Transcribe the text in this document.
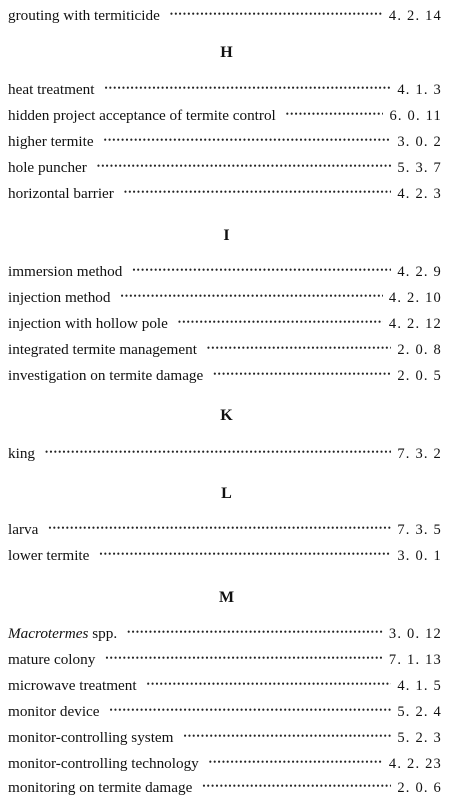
grouting with termiticide •••••	4. 2. 14
H
heat treatment •••••	4. 1. 3
hidden project acceptance of termite control •••••	6. 0. 11
higher termite •••••	3. 0. 2
hole puncher •••••	5. 3. 7
horizontal barrier •••••	4. 2. 3
I
immersion method •••••	4. 2. 9
injection method •••••	4. 2. 10
injection with hollow pole •••••	4. 2. 12
integrated termite management •••••	2. 0. 8
investigation on termite damage •••••	2. 0. 5
K
king •••••	7. 3. 2
L
larva •••••	7. 3. 5
lower termite •••••	3. 0. 1
M
Macrotermes spp. •••••	3. 0. 12
mature colony •••••	7. 1. 13
microwave treatment •••••	4. 1. 5
monitor device •••••	5. 2. 4
monitor-controlling system •••••	5. 2. 3
monitor-controlling technology •••••	4. 2. 23
monitoring on termite damage •••••	2. 0. 6
